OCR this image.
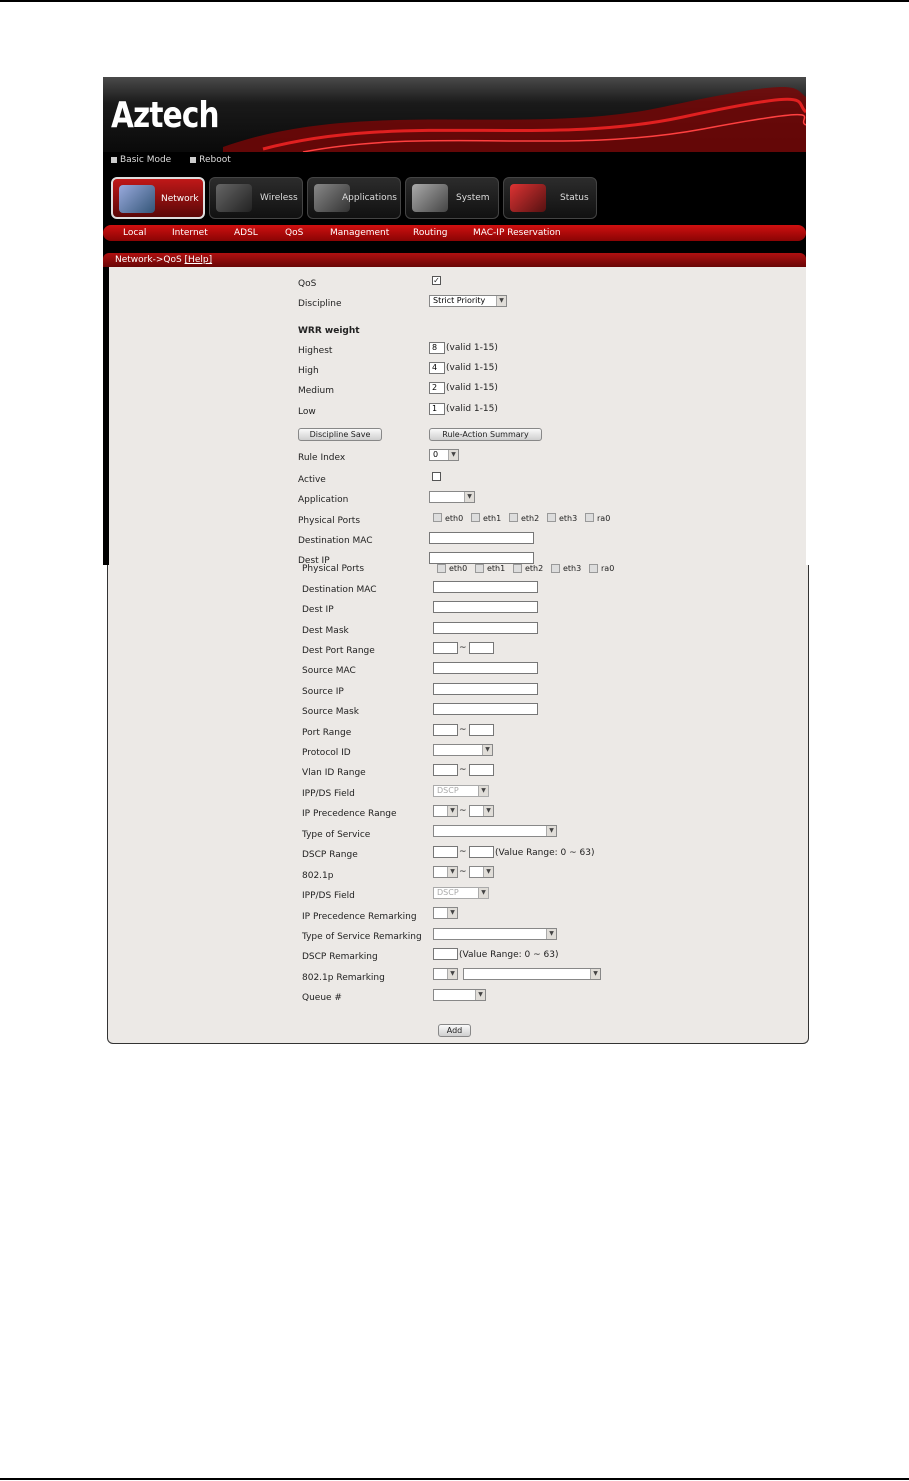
Aztech
Basic Mode	Reboot
Network	Wireless	Applications	System	Status
Local	Internet	ADSL	QoS	Management	Routing	MAC-IP Reservation
Network->QoS [Help]
QoS	✓
Discipline	Strict Priority	▼
WRR weight
Highest	8 (valid 1-15)
High	4 (valid 1-15)
Medium	2 (valid 1-15)
Low	1 (valid 1-15)
Discipline Save	Rule-Action Summary
Rule Index	0	▼
Active
Application	▼
Physical Ports	eth0 eth1 eth2 eth3 ra0
Destination MAC
Dest IP
Physical Ports	eth0 eth1 eth2 eth3 ra0
Destination MAC
Dest IP
Dest Mask
Dest Port Range	~
Source MAC
Source IP
Source Mask
Port Range	~
Protocol ID	▼
Vlan ID Range	~
IPP/DS Field	DSCP	▼
IP Precedence Range	▼ ~	▼
Type of Service	▼
DSCP Range	~	(Value Range: 0 ~ 63)
802.1p	▼ ~	▼
IPP/DS Field	DSCP	▼
IP Precedence Remarking	▼
Type of Service Remarking	▼
DSCP Remarking	(Value Range: 0 ~ 63)
802.1p Remarking	▼	▼
Queue #	▼
Add
